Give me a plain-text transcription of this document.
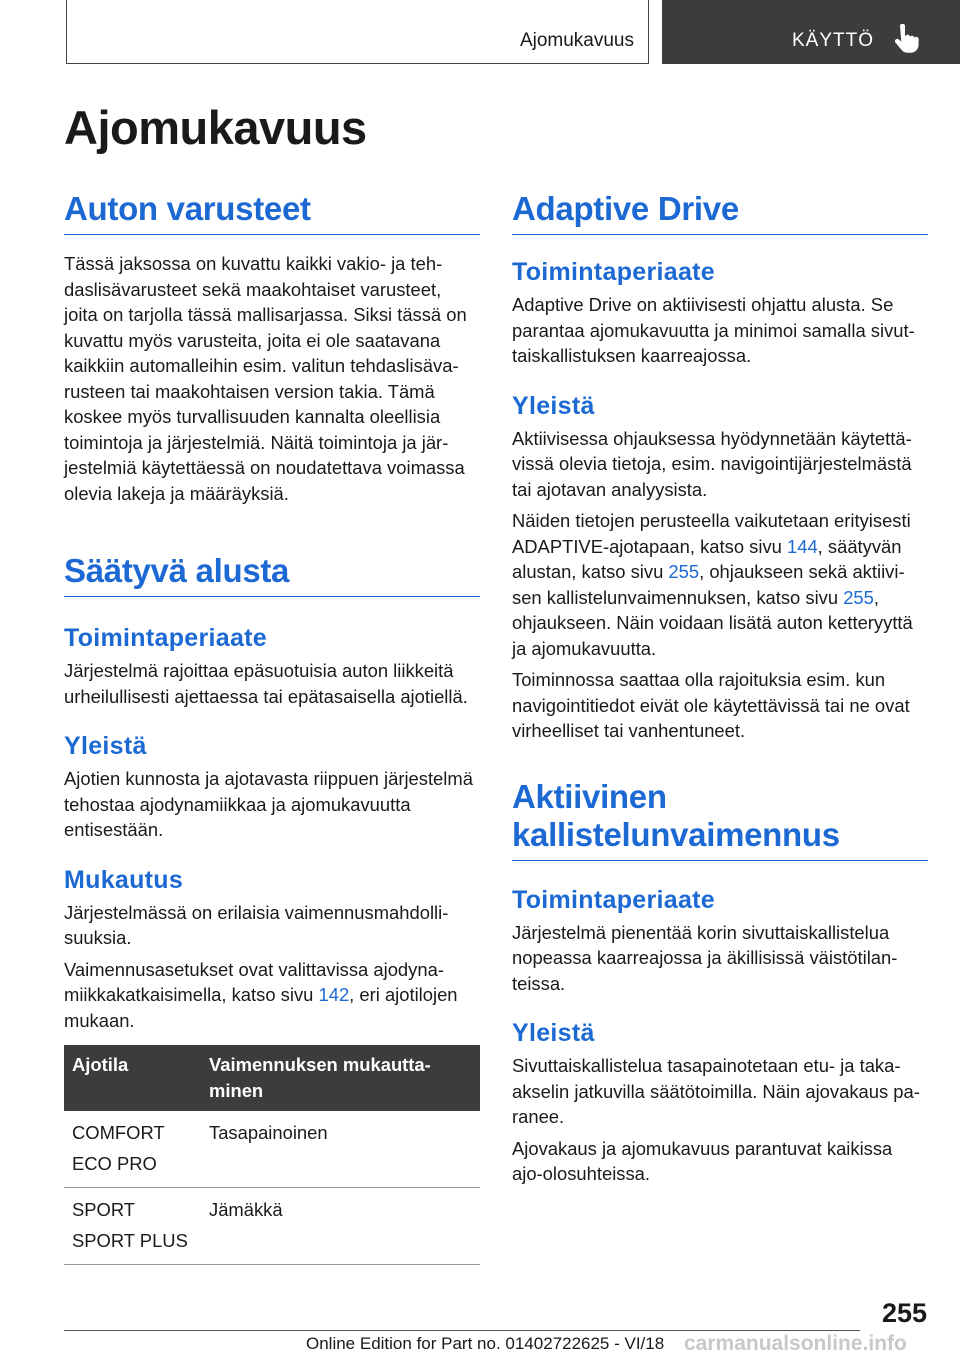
Ajomukavuus	KÄYTTÖ
Ajomukavuus
Auton varusteet

Tässä jaksossa on kuvattu kaikki vakio- ja tehdaslisävarusteet sekä maakohtaiset varusteet, joita on tarjolla tässä mallisarjassa. Siksi tässä on kuvattu myös varusteita, joita ei ole saatavana kaikkiin automalleihin esim. valitun tehdaslisävarusteen tai maakohtaisen version takia. Tämä koskee myös turvallisuuden kannalta oleellisia toimintoja ja järjestelmiä. Näitä toimintoja ja järjestelmiä käytettäessä on noudatettava voimassa olevia lakeja ja määräyksiä.

Säätyvä alusta
Toimintaperiaate

Järjestelmä rajoittaa epäsuotuisia auton liikkeitä urheilullisesti ajettaessa tai epätasaisella ajotiellä.

Yleistä

Ajotien kunnosta ja ajotavasta riippuen järjestelmä tehostaa ajodynamiikkaa ja ajomukavuutta entisestään.

Mukautus

Järjestelmässä on erilaisia vaimennusmahdollisuuksia.

Vaimennusasetukset ovat valittavissa ajodynamiikkakatkaisimella, katso sivu 142, eri ajotilojen mukaan.

Ajotila	Vaimennuksen mukauttaminen

COMFORT
ECO PRO	Tasapainoinen

SPORT
SPORT PLUS	Jämäkkä
Adaptive Drive
Toimintaperiaate

Adaptive Drive on aktiivisesti ohjattu alusta. Se parantaa ajomukavuutta ja minimoi samalla sivuttaiskallistuksen kaarreajossa.

Yleistä

Aktiivisessa ohjauksessa hyödynnetään käytettävissä olevia tietoja, esim. navigointijärjestelmästä tai ajotavan analyysista.

Näiden tietojen perusteella vaikutetaan erityisesti ADAPTIVE-ajotapaan, katso sivu 144, säätyvän alustan, katso sivu 255, ohjaukseen sekä aktiivisen kallistelunvaimennuksen, katso sivu 255, ohjaukseen. Näin voidaan lisätä auton ketteryyttä ja ajomukavuutta.

Toiminnossa saattaa olla rajoituksia esim. kun navigointitiedot eivät ole käytettävissä tai ne ovat virheelliset tai vanhentuneet.

Aktiivinen
kallistelunvaimennus
Toimintaperiaate

Järjestelmä pienentää korin sivuttaiskallistelua nopeassa kaarreajossa ja äkillisissä väistötilanteissa.

Yleistä

Sivuttaiskallistelua tasapainotetaan etu- ja takaakselin jatkuvilla säätötoimilla. Näin ajovakaus paranee.

Ajovakaus ja ajomukavuus parantuvat kaikissa ajo-olosuhteissa.

255
Online Edition for Part no. 01402722625 - VI/18 carmanualsonline.info
